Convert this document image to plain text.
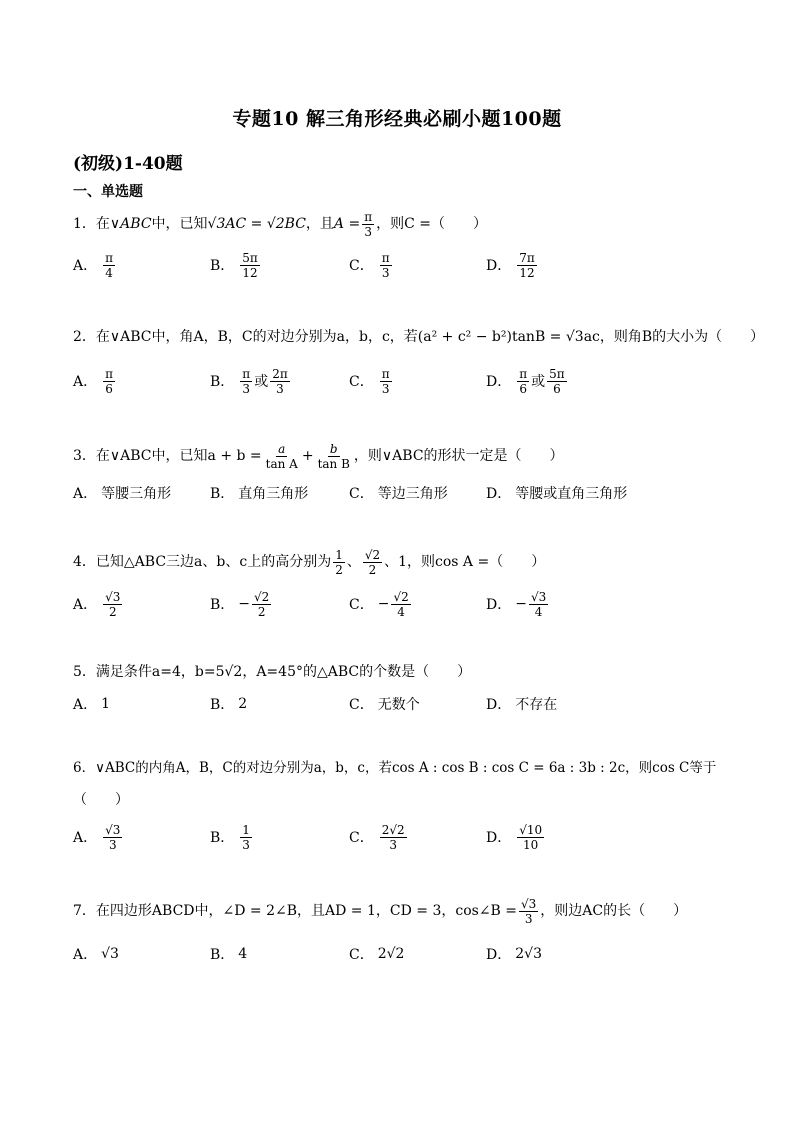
专题10 解三角形经典必刷小题100题
(初级)1-40题
一、单选题
1．在 ∨ABC 中，已知 √3AC = √2BC ，且 $A = \frac{\pi}{3}$ ，则C =（　　）
A． $\frac{\pi}{4}$	B． $\frac{5\pi}{12}$	C． $\frac{\pi}{3}$	D． $\frac{7\pi}{12}$
2．在∨ABC中，角A，B，C的对边分别为a，b，c，若(a² + c² − b²)tanB = √3ac，则角B的大小为（　　）
A． $\frac{\pi}{6}$	B． $\frac{\pi}{3}$ 或 $\frac{2\pi}{3}$	C． $\frac{\pi}{3}$	D． $\frac{\pi}{6}$ 或 $\frac{5\pi}{6}$
3．在∨ABC中，已知$a + b = \frac{a}{\text{tan A}} + \frac{b}{\text{tan B}}$ ，则∨ABC的形状一定是（　　）
A． 等腰三角形	B． 直角三角形	C． 等边三角形	D． 等腰或直角三角形
4．已知△ABC三边a、b、c上的高分别为 $\frac{1}{2}$ 、 $\frac{√2}{2}$ 、1，则cos A =（　　）
A． $\frac{√3}{2}$	B． − $\frac{√2}{2}$	C． − $\frac{√2}{4}$	D． − $\frac{√3}{4}$
5．满足条件a=4，b=5√2，A=45°的△ABC的个数是（　　）
A． 1	B． 2	C． 无数个	D． 不存在
6．∨ABC的内角A，B，C的对边分别为a，b，c，若cos A : cos B : cos C = 6a : 3b : 2c，则cos C等于
（　　）
A． $\frac{√3}{3}$	B． $\frac{1}{3}$	C． $\frac{2√2}{3}$	D． $\frac{√10}{10}$
7．在四边形ABCD中，∠D = 2∠B，且AD = 1，CD = 3，cos∠B = $\frac{√3}{3}$ ，则边AC的长（　　）
A． √3	B． 4	C． 2√2	D． 2√3
